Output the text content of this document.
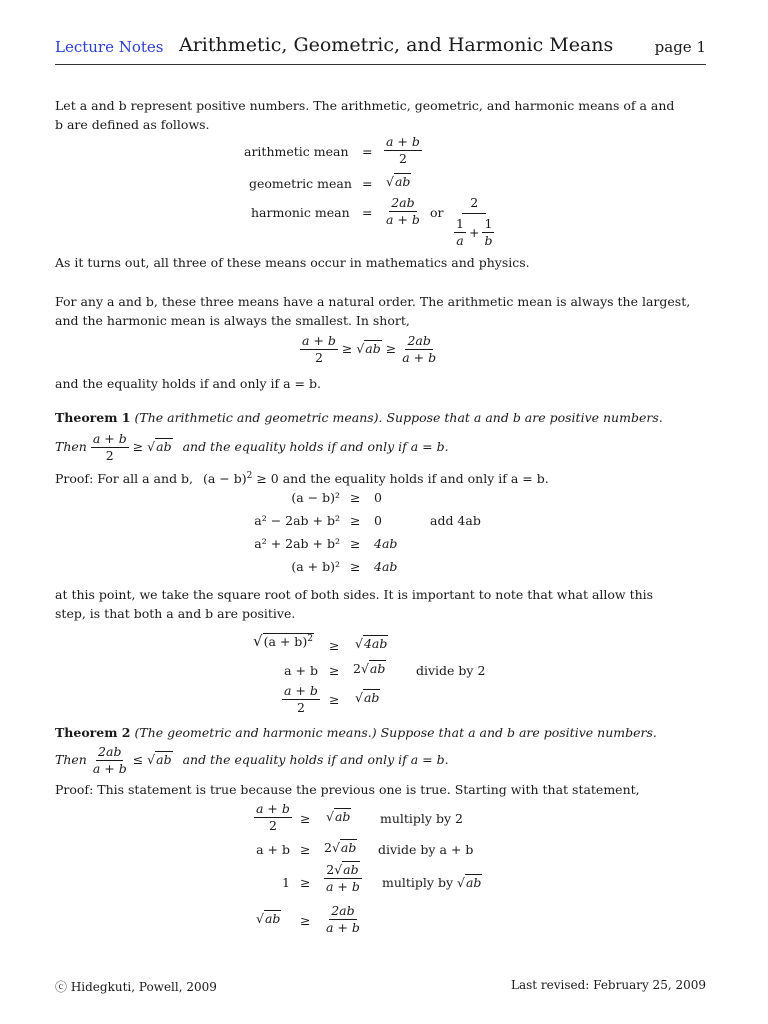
Lecture Notes Arithmetic, Geometric, and Harmonic Means	page 1
Let a and b represent positive numbers. The arithmetic, geometric, and harmonic means of a and
b are defined as follows.
arithmetic mean = $\frac{a + b}{2}$
geometric mean = √ab
harmonic mean = $\frac{2ab}{a + b}$ or $\frac{2}{\frac{1}{a} + \frac{1}{b}}$
As it turns out, all three of these means occur in mathematics and physics.
For any a and b, these three means have a natural order. The arithmetic mean is always the largest,
and the harmonic mean is always the smallest. In short,
$\frac{a + b}{2} \ge √ab \ge \frac{2ab}{a + b}$
and the equality holds if and only if a = b.
Theorem 1 (The arithmetic and geometric means). Suppose that a and b are positive numbers.
Then $\frac{a + b}{2} \ge √ab$ and the equality holds if and only if a = b.
Proof: For all a and b, $(a - b)^2 \ge 0$ and the equality holds if and only if a = b.
(a − b)² ≥ 0
a² − 2ab + b² ≥ 0	add 4ab
a² + 2ab + b² ≥ 4ab
(a + b)² ≥ 4ab
at this point, we take the square root of both sides. It is important to note that what allow this
step, is that both a and b are positive.
$√(a + b)^2 \ge √4ab$
a + b ≥ 2√ab divide by 2
$\frac{a + b}{2} \ge √ab$
Theorem 2 (The geometric and harmonic means.) Suppose that a and b are positive numbers.
Then $\frac{2ab}{a + b} \le √ab$ and the equality holds if and only if a = b.
Proof: This statement is true because the previous one is true. Starting with that statement,
$\frac{a + b}{2} \ge √ab$ multiply by 2
a + b ≥ 2√ab divide by a + b
$1 \ge \frac{2√ab}{a + b}$ multiply by √ab
$√ab \ge \frac{2ab}{a + b}$
ⓒ Hidegkuti, Powell, 2009	Last revised: February 25, 2009
